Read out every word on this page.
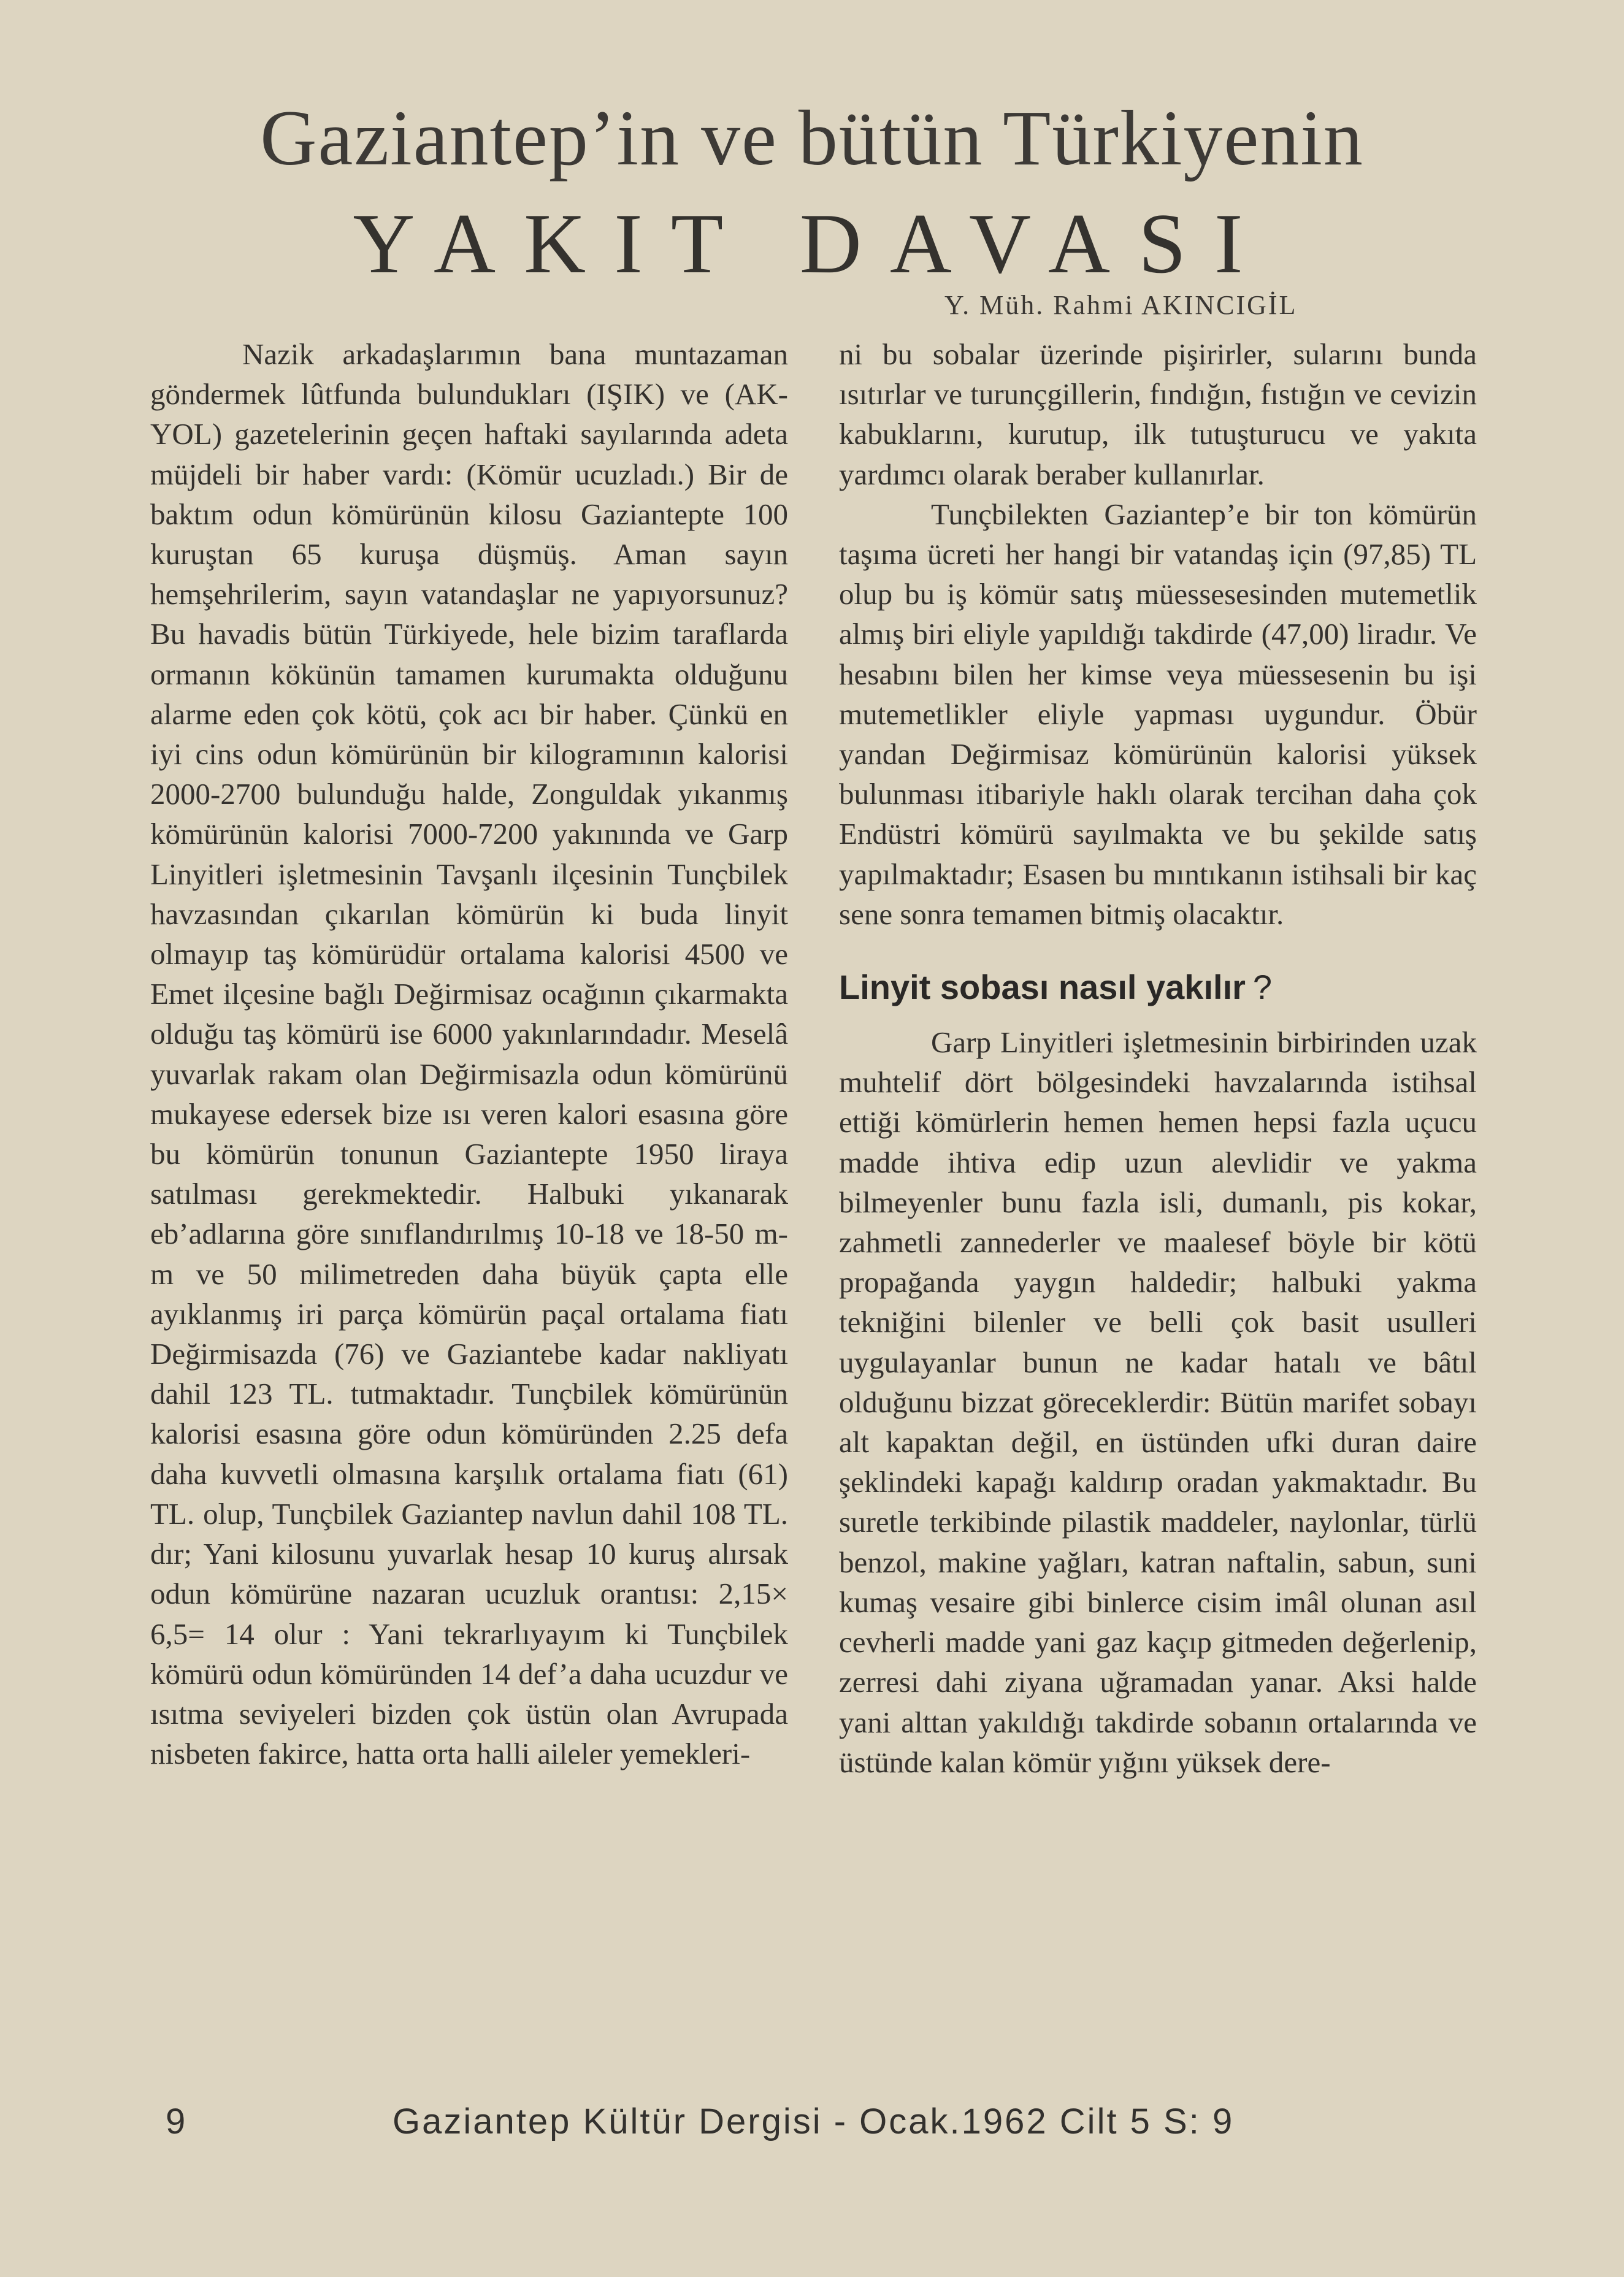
Gaziantep’in ve bütün Türkiyenin
YAKIT DAVASI
Y. Müh. Rahmi AKINCIGİL

Nazik arkadaşlarımın bana muntazaman göndermek lûtfunda bulundukları (IŞIK) ve (AK-YOL) gazetelerinin geçen haftaki sayılarında adeta müjdeli bir haber vardı: (Kömür ucuzladı.) Bir de baktım odun kömürünün kilosu Gaziantepte 100 kuruştan 65 kuruşa düşmüş. Aman sayın hemşehrilerim, sayın vatandaşlar ne yapıyorsunuz? Bu havadis bütün Türkiyede, hele bizim taraflarda ormanın kökünün tamamen kurumakta olduğunu alarme eden çok kötü, çok acı bir haber. Çünkü en iyi cins odun kömürünün bir kilogramının kalorisi 2000-2700 bulunduğu halde, Zonguldak yıkanmış kömürünün kalorisi 7000-7200 yakınında ve Garp Linyitleri işletmesinin Tavşanlı ilçesinin Tunçbilek havzasından çıkarılan kömürün ki buda linyit olmayıp taş kömürüdür ortalama kalorisi 4500 ve Emet ilçesine bağlı Değirmisaz ocağının çıkarmakta olduğu taş kömürü ise 6000 yakınlarındadır. Meselâ yuvarlak rakam olan Değirmisazla odun kömürünü mukayese edersek bize ısı veren kalori esasına göre bu kömürün tonunun Gaziantepte 1950 liraya satılması gerekmektedir. Halbuki yıkanarak eb’adlarına göre sınıflandırılmış 10-18 ve 18-50 m-m ve 50 milimetreden daha büyük çapta elle ayıklanmış iri parça kömürün paçal ortalama fiatı Değirmisazda (76) ve Gaziantebe kadar nakliyatı dahil 123 TL. tutmaktadır. Tunçbilek kömürünün kalorisi esasına göre odun kömüründen 2.25 defa daha kuvvetli olmasına karşılık ortalama fiatı (61) TL. olup, Tunçbilek Gaziantep navlun dahil 108 TL. dır; Yani kilosunu yuvarlak hesap 10 kuruş alırsak odun kömürüne nazaran ucuzluk orantısı: 2,15× 6,5= 14 olur : Yani tekrarlıyayım ki Tunçbilek kömürü odun kömüründen 14 def’a daha ucuzdur ve ısıtma seviyeleri bizden çok üstün olan Avrupada nisbeten fakirce, hatta orta halli aileler yemekleri-

ni bu sobalar üzerinde pişirirler, sularını bunda ısıtırlar ve turunçgillerin, fındığın, fıstığın ve cevizin kabuklarını, kurutup, ilk tutuşturucu ve yakıta yardımcı olarak beraber kullanırlar.

Tunçbilekten Gaziantep’e bir ton kömürün taşıma ücreti her hangi bir vatandaş için (97,85) TL olup bu iş kömür satış müessesesinden mutemetlik almış biri eliyle yapıldığı takdirde (47,00) liradır. Ve hesabını bilen her kimse veya müessesenin bu işi mutemetlikler eliyle yapması uygundur. Öbür yandan Değirmisaz kömürünün kalorisi yüksek bulunması itibariyle haklı olarak tercihan daha çok Endüstri kömürü sayılmakta ve bu şekilde satış yapılmaktadır; Esasen bu mıntıkanın istihsali bir kaç sene sonra temamen bitmiş olacaktır.

Linyit sobası nasıl yakılır ?

Garp Linyitleri işletmesinin birbirinden uzak muhtelif dört bölgesindeki havzalarında istihsal ettiği kömürlerin hemen hemen hepsi fazla uçucu madde ihtiva edip uzun alevlidir ve yakma bilmeyenler bunu fazla isli, dumanlı, pis kokar, zahmetli zannederler ve maalesef böyle bir kötü propağanda yaygın haldedir; halbuki yakma tekniğini bilenler ve belli çok basit usulleri uygulayanlar bunun ne kadar hatalı ve bâtıl olduğunu bizzat göreceklerdir: Bütün marifet sobayı alt kapaktan değil, en üstünden ufki duran daire şeklindeki kapağı kaldırıp oradan yakmaktadır. Bu suretle terkibinde pilastik maddeler, naylonlar, türlü benzol, makine yağları, katran naftalin, sabun, suni kumaş vesaire gibi binlerce cisim imâl olunan asıl cevherli madde yani gaz kaçıp gitmeden değerlenip, zerresi dahi ziyana uğramadan yanar. Aksi halde yani alttan yakıldığı takdirde sobanın ortalarında ve üstünde kalan kömür yığını yüksek dere-

9	Gaziantep Kültür Dergisi - Ocak.1962 Cilt 5 S: 9
